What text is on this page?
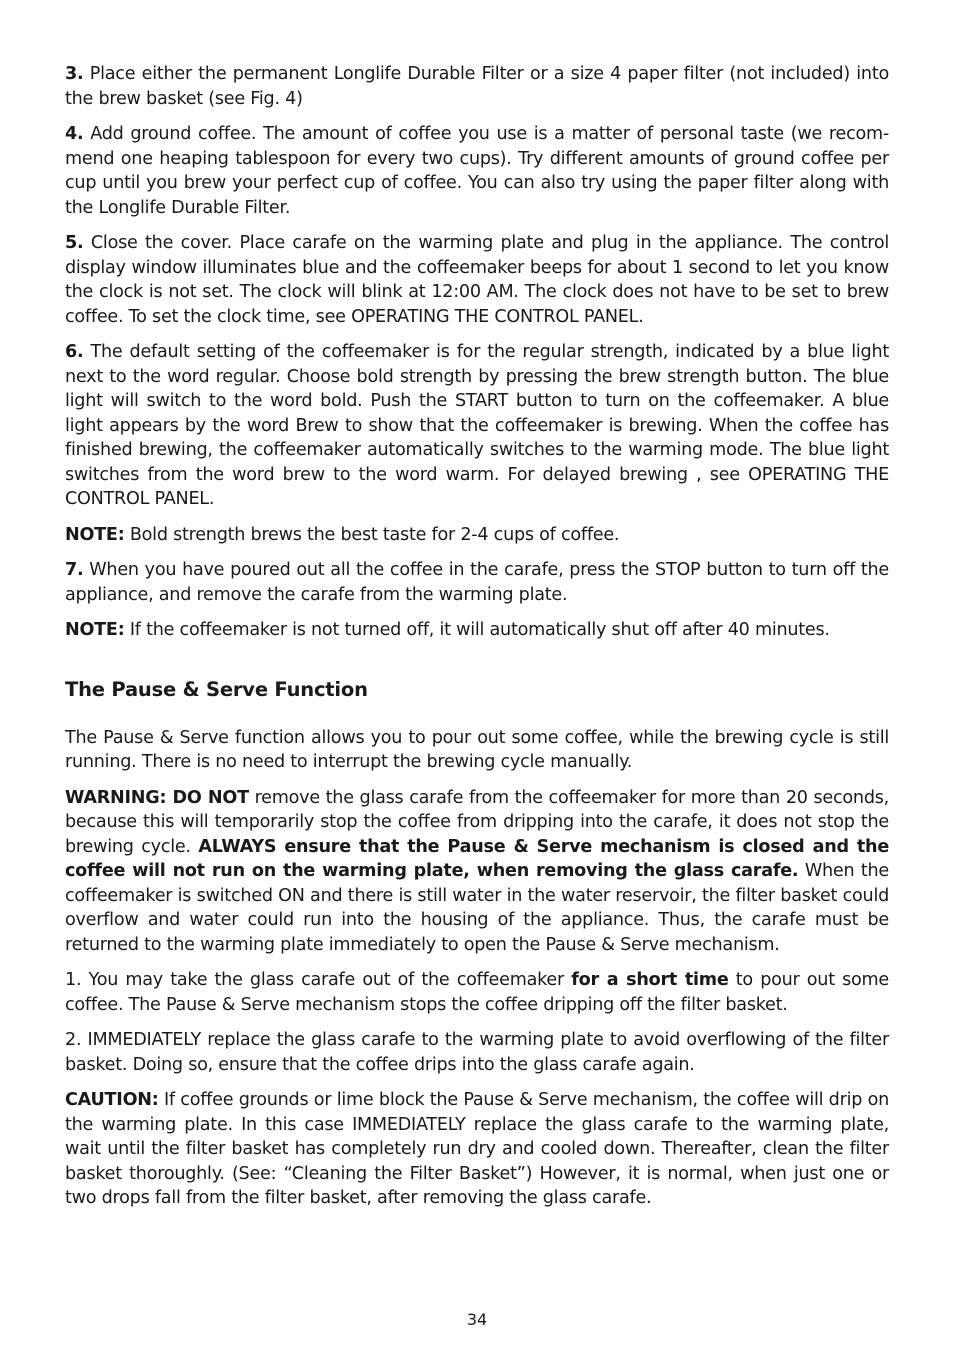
3. Place either the permanent Longlife Durable Filter or a size 4 paper filter (not included) into the brew basket (see Fig. 4)

4. Add ground coffee. The amount of coffee you use is a matter of personal taste (we recom-mend one heaping tablespoon for every two cups). Try different amounts of ground coffee per cup until you brew your perfect cup of coffee. You can also try using the paper filter along with the Longlife Durable Filter.

5. Close the cover. Place carafe on the warming plate and plug in the appliance. The control display window illuminates blue and the coffeemaker beeps for about 1 second to let you know the clock is not set. The clock will blink at 12:00 AM. The clock does not have to be set to brew coffee. To set the clock time, see OPERATING THE CONTROL PANEL.

6. The default setting of the coffeemaker is for the regular strength, indicated by a blue light next to the word regular. Choose bold strength by pressing the brew strength button. The blue light will switch to the word bold. Push the START button to turn on the coffeemaker. A blue light appears by the word Brew to show that the coffeemaker is brewing. When the coffee has finished brewing, the coffeemaker automatically switches to the warming mode. The blue light switches from the word brew to the word warm. For delayed brewing , see OPERATING THE CONTROL PANEL.

NOTE: Bold strength brews the best taste for 2-4 cups of coffee.

7. When you have poured out all the coffee in the carafe, press the STOP button to turn off the appliance, and remove the carafe from the warming plate.

NOTE: If the coffeemaker is not turned off, it will automatically shut off after 40 minutes.

The Pause & Serve Function

The Pause & Serve function allows you to pour out some coffee, while the brewing cycle is still running. There is no need to interrupt the brewing cycle manually.

WARNING: DO NOT remove the glass carafe from the coffeemaker for more than 20 seconds, because this will temporarily stop the coffee from dripping into the carafe, it does not stop the brewing cycle. ALWAYS ensure that the Pause & Serve mechanism is closed and the coffee will not run on the warming plate, when removing the glass carafe. When the coffeemaker is switched ON and there is still water in the water reservoir, the filter basket could overflow and water could run into the housing of the appliance. Thus, the carafe must be returned to the warming plate immediately to open the Pause & Serve mechanism.

1. You may take the glass carafe out of the coffeemaker for a short time to pour out some coffee. The Pause & Serve mechanism stops the coffee dripping off the filter basket.

2. IMMEDIATELY replace the glass carafe to the warming plate to avoid overflowing of the filter basket. Doing so, ensure that the coffee drips into the glass carafe again.

CAUTION: If coffee grounds or lime block the Pause & Serve mechanism, the coffee will drip on the warming plate. In this case IMMEDIATELY replace the glass carafe to the warming plate, wait until the filter basket has completely run dry and cooled down. Thereafter, clean the filter basket thoroughly. (See: “Cleaning the Filter Basket”) However, it is normal, when just one or two drops fall from the filter basket, after removing the glass carafe.

34
